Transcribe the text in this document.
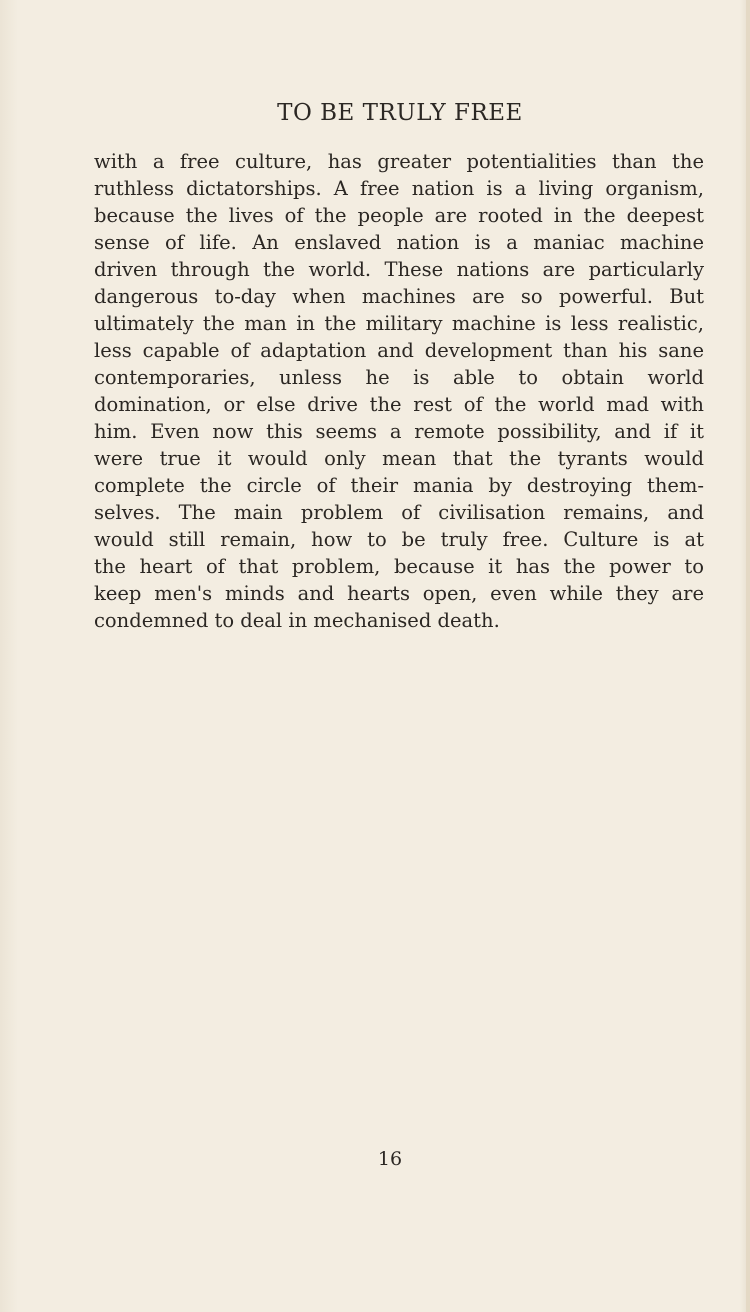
TO BE TRULY FREE
with a free culture, has greater potentialities than the
ruthless dictatorships. A free nation is a living organism,
because the lives of the people are rooted in the deepest
sense of life. An enslaved nation is a maniac machine
driven through the world. These nations are particularly
dangerous to-day when machines are so powerful. But
ultimately the man in the military machine is less realistic,
less capable of adaptation and development than his sane
contemporaries, unless he is able to obtain world
domination, or else drive the rest of the world mad with
him. Even now this seems a remote possibility, and if it
were true it would only mean that the tyrants would
complete the circle of their mania by destroying them-
selves. The main problem of civilisation remains, and
would still remain, how to be truly free. Culture is at
the heart of that problem, because it has the power to
keep men's minds and hearts open, even while they are
condemned to deal in mechanised death.
16
